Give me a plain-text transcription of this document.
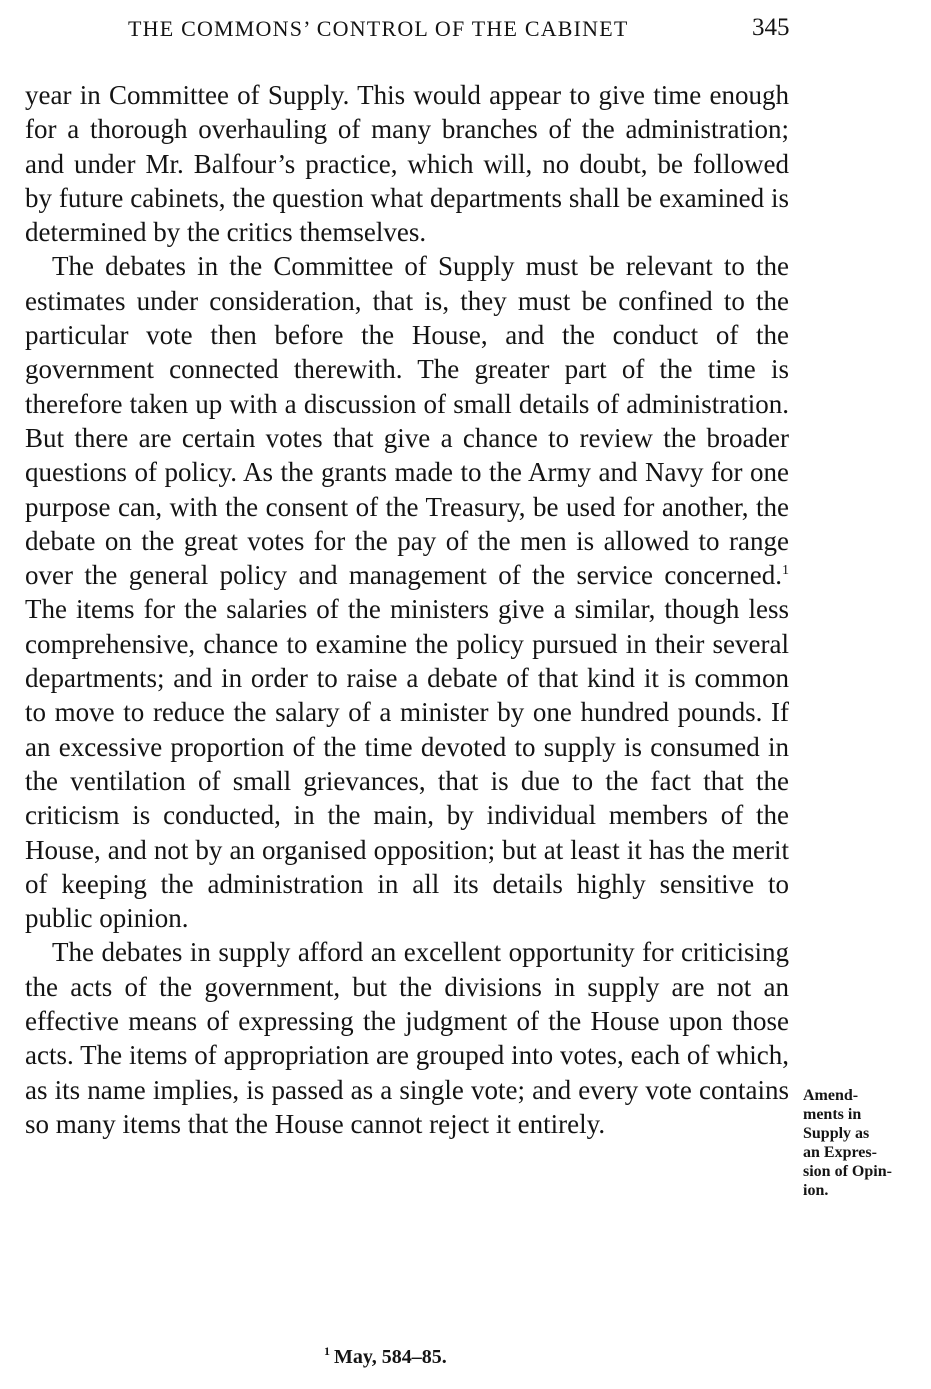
THE COMMONS’ CONTROL OF THE CABINET	345

year in Committee of Supply. This would appear to give time enough for a thorough overhauling of many branches of the administration; and under Mr. Balfour’s practice, which will, no doubt, be followed by future cabinets, the question what departments shall be examined is determined by the critics themselves.

The debates in the Committee of Supply must be relevant to the estimates under consideration, that is, they must be confined to the particular vote then before the House, and the conduct of the government connected therewith. The greater part of the time is therefore taken up with a discussion of small details of administration. But there are certain votes that give a chance to review the broader questions of policy. As the grants made to the Army and Navy for one purpose can, with the consent of the Treasury, be used for another, the debate on the great votes for the pay of the men is allowed to range over the general policy and management of the service concerned.$^1$ The items for the salaries of the ministers give a similar, though less comprehensive, chance to examine the policy pursued in their several departments; and in order to raise a debate of that kind it is common to move to reduce the salary of a minister by one hundred pounds. If an excessive proportion of the time devoted to supply is consumed in the ventilation of small grievances, that is due to the fact that the criticism is conducted, in the main, by individual members of the House, and not by an organised opposition; but at least it has the merit of keeping the administration in all its details highly sensitive to public opinion.

The debates in supply afford an excellent opportunity for criticising the acts of the government, but the divisions in supply are not an effective means of expressing the judgment of the House upon those acts. The items of appropriation are grouped into votes, each of which, as its name implies, is passed as a single vote; and every vote contains so many items that the House cannot reject it entirely.

Amend-
ments in
Supply as
an Expres-
sion of Opin-
ion.
$^1$ May, 584–85.
